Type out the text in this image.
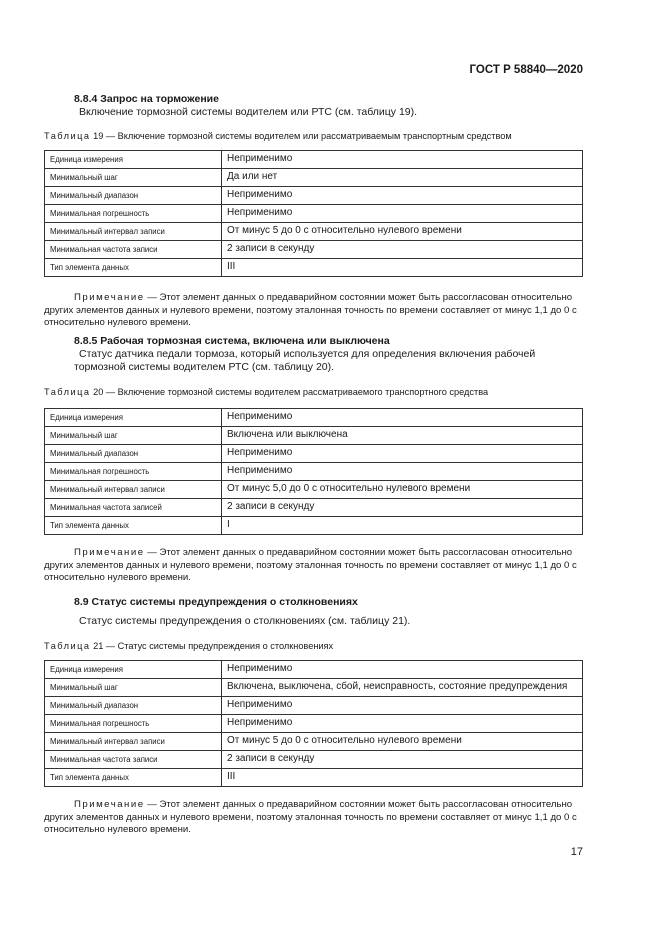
ГОСТ Р 58840—2020
8.8.4 Запрос на торможение
Включение тормозной системы водителем или РТС (см. таблицу 19).
Таблица 19 — Включение тормозной системы водителем или рассматриваемым транспортным средством
Единица измерения	Неприменимо
Минимальный шаг	Да или нет
Минимальный диапазон	Неприменимо
Минимальная погрешность	Неприменимо
Минимальный интервал записи	От минус 5 до 0 с относительно нулевого времени
Минимальная частота записи	2 записи в секунду
Тип элемента данных	III
Примечание — Этот элемент данных о предаварийном состоянии может быть рассогласован относительно других элементов данных и нулевого времени, поэтому эталонная точность по времени составляет от минус 1,1 до 0 с относительно нулевого времени.
8.8.5 Рабочая тормозная система, включена или выключена
Статус датчика педали тормоза, который используется для определения включения рабочей тормозной системы водителем РТС (см. таблицу 20).
Таблица 20 — Включение тормозной системы водителем рассматриваемого транспортного средства
Единица измерения	Неприменимо
Минимальный шаг	Включена или выключена
Минимальный диапазон	Неприменимо
Минимальная погрешность	Неприменимо
Минимальный интервал записи	От минус 5,0 до 0 с относительно нулевого времени
Минимальная частота записей	2 записи в секунду
Тип элемента данных	I
Примечание — Этот элемент данных о предаварийном состоянии может быть рассогласован относительно других элементов данных и нулевого времени, поэтому эталонная точность по времени составляет от минус 1,1 до 0 с относительно нулевого времени.
8.9 Статус системы предупреждения о столкновениях
Статус системы предупреждения о столкновениях (см. таблицу 21).
Таблица 21 — Статус системы предупреждения о столкновениях
Единица измерения	Неприменимо
Минимальный шаг	Включена, выключена, сбой, неисправность, состояние предупреждения
Минимальный диапазон	Неприменимо
Минимальная погрешность	Неприменимо
Минимальный интервал записи	От минус 5 до 0 с относительно нулевого времени
Минимальная частота записи	2 записи в секунду
Тип элемента данных	III
Примечание — Этот элемент данных о предаварийном состоянии может быть рассогласован относительно других элементов данных и нулевого времени, поэтому эталонная точность по времени составляет от минус 1,1 до 0 с относительно нулевого времени.
17
